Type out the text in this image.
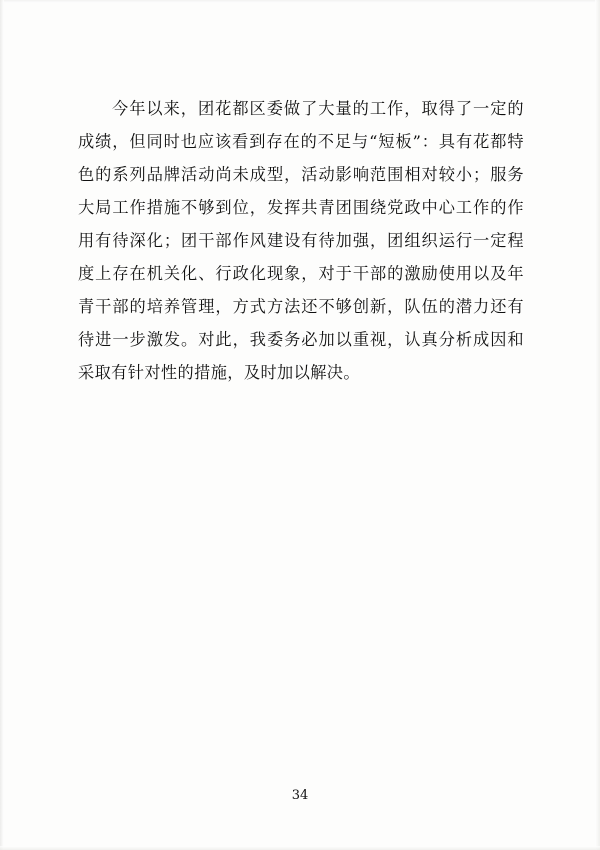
今年以来，团花都区委做了大量的工作，取得了一定的成绩，但同时也应该看到存在的不足与“短板”：具有花都特色的系列品牌活动尚未成型，活动影响范围相对较小；服务大局工作措施不够到位，发挥共青团围绕党政中心工作的作用有待深化；团干部作风建设有待加强，团组织运行一定程度上存在机关化、行政化现象，对于干部的激励使用以及年青干部的培养管理，方式方法还不够创新，队伍的潜力还有待进一步激发。对此，我委务必加以重视，认真分析成因和采取有针对性的措施，及时加以解决。

34
